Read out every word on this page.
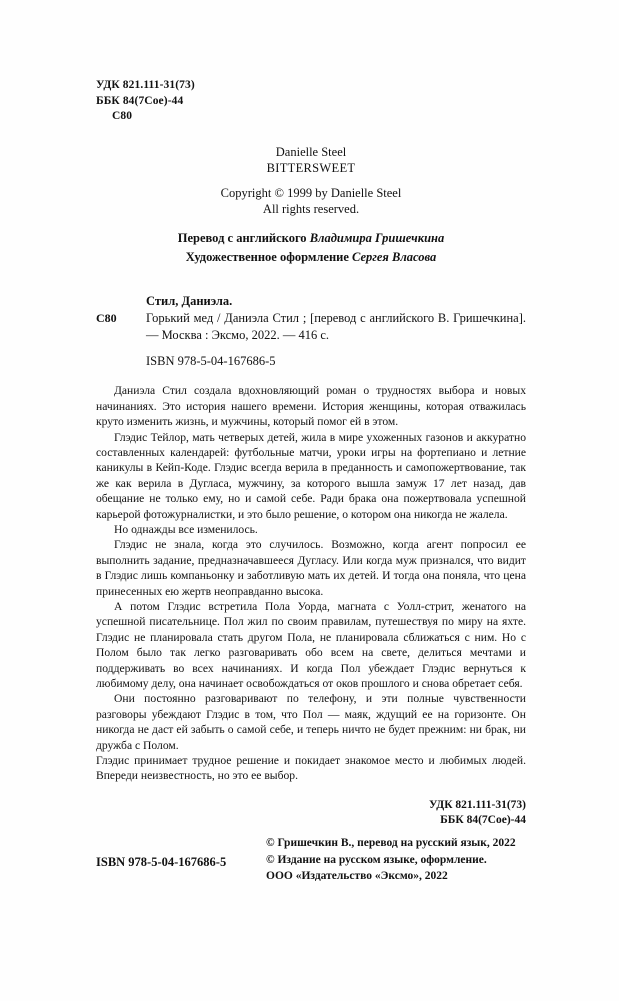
УДК 821.111-31(73)
ББК 84(7Сое)-44
С80
Danielle Steel
BITTERSWEET
Copyright © 1999 by Danielle Steel
All rights reserved.
Перевод с английского Владимира Гришечкина
Художественное оформление Сергея Власова
С80
Стил, Даниэла.
Горький мед / Даниэла Стил ; [перевод с английского В. Гришечкина]. — Москва : Эксмо, 2022. — 416 с.
ISBN 978-5-04-167686-5

Даниэла Стил создала вдохновляющий роман о трудностях выбора и новых начинаниях. Это история нашего времени. История женщины, которая отважилась круто изменить жизнь, и мужчины, который помог ей в этом.

Глэдис Тейлор, мать четверых детей, жила в мире ухоженных газонов и аккуратно составленных календарей: футбольные матчи, уроки игры на фортепиано и летние каникулы в Кейп-Коде. Глэдис всегда верила в преданность и самопожертвование, так же как верила в Дугласа, мужчину, за которого вышла замуж 17 лет назад, дав обещание не только ему, но и самой себе. Ради брака она пожертвовала успешной карьерой фотожурналистки, и это было решение, о котором она никогда не жалела.

Но однажды все изменилось.

Глэдис не знала, когда это случилось. Возможно, когда агент попросил ее выполнить задание, предназначавшееся Дугласу. Или когда муж признался, что видит в Глэдис лишь компаньонку и заботливую мать их детей. И тогда она поняла, что цена принесенных ею жертв неоправданно высока.

А потом Глэдис встретила Пола Уорда, магната с Уолл-стрит, женатого на успешной писательнице. Пол жил по своим правилам, путешествуя по миру на яхте. Глэдис не планировала стать другом Пола, не планировала сближаться с ним. Но с Полом было так легко разговаривать обо всем на свете, делиться мечтами и поддерживать во всех начинаниях. И когда Пол убеждает Глэдис вернуться к любимому делу, она начинает освобождаться от оков прошлого и снова обретает себя.

Они постоянно разговаривают по телефону, и эти полные чувственности разговоры убеждают Глэдис в том, что Пол — маяк, ждущий ее на горизонте. Он никогда не даст ей забыть о самой себе, и теперь ничто не будет прежним: ни брак, ни дружба с Полом.

Глэдис принимает трудное решение и покидает знакомое место и любимых людей. Впереди неизвестность, но это ее выбор.

УДК 821.111-31(73)
ББК 84(7Сое)-44
ISBN 978-5-04-167686-5
© Гришечкин В., перевод на русский язык, 2022
© Издание на русском языке, оформление.
ООО «Издательство «Эксмо», 2022
